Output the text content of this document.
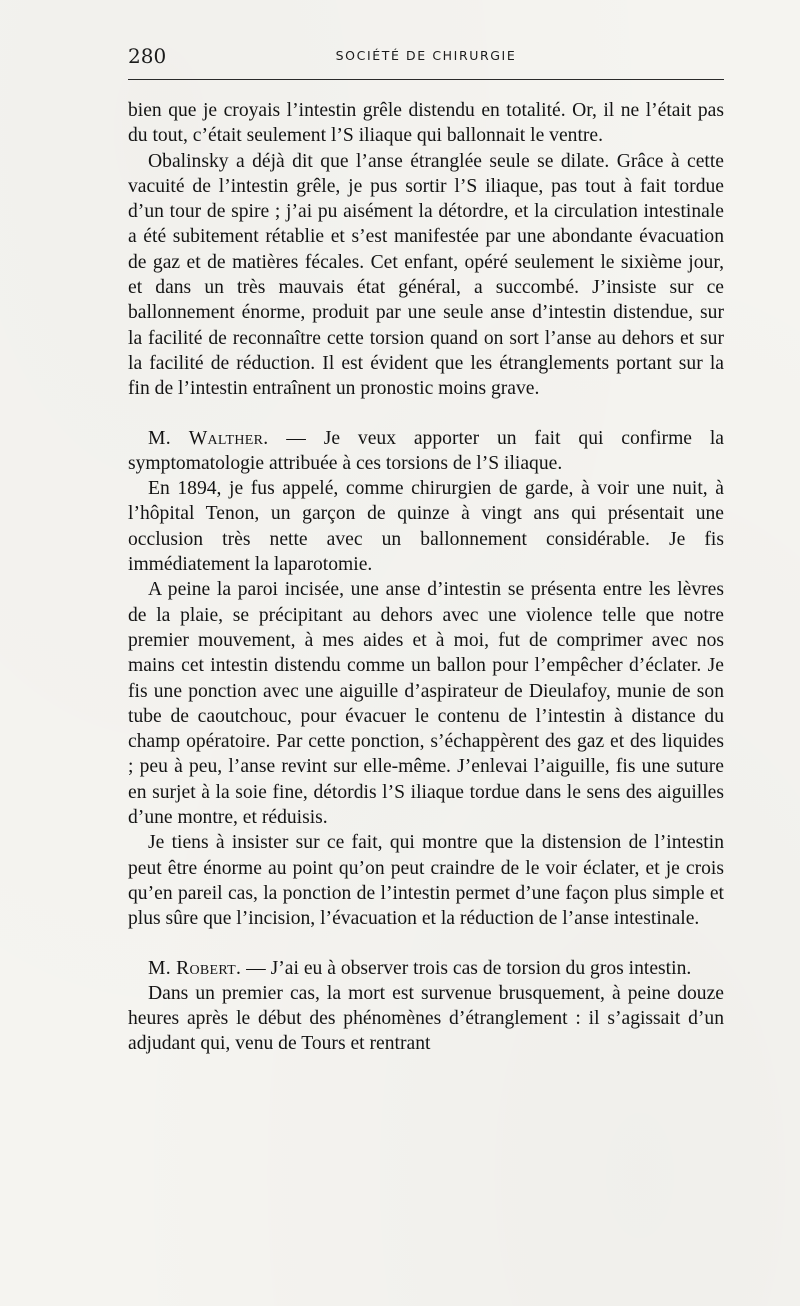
280	SOCIÉTÉ DE CHIRURGIE

bien que je croyais l’intestin grêle distendu en totalité. Or, il ne l’était pas du tout, c’était seulement l’S iliaque qui ballonnait le ventre.

Obalinsky a déjà dit que l’anse étranglée seule se dilate. Grâce à cette vacuité de l’intestin grêle, je pus sortir l’S iliaque, pas tout à fait tordue d’un tour de spire ; j’ai pu aisément la détordre, et la circulation intestinale a été subitement rétablie et s’est manifestée par une abondante évacuation de gaz et de matières fécales. Cet enfant, opéré seulement le sixième jour, et dans un très mauvais état général, a succombé. J’insiste sur ce ballonnement énorme, produit par une seule anse d’intestin distendue, sur la facilité de reconnaître cette torsion quand on sort l’anse au dehors et sur la facilité de réduction. Il est évident que les étranglements portant sur la fin de l’intestin entraînent un pronostic moins grave.

M. Walther. — Je veux apporter un fait qui confirme la symptomatologie attribuée à ces torsions de l’S iliaque.

En 1894, je fus appelé, comme chirurgien de garde, à voir une nuit, à l’hôpital Tenon, un garçon de quinze à vingt ans qui présentait une occlusion très nette avec un ballonnement considérable. Je fis immédiatement la laparotomie.

A peine la paroi incisée, une anse d’intestin se présenta entre les lèvres de la plaie, se précipitant au dehors avec une violence telle que notre premier mouvement, à mes aides et à moi, fut de comprimer avec nos mains cet intestin distendu comme un ballon pour l’empêcher d’éclater. Je fis une ponction avec une aiguille d’aspirateur de Dieulafoy, munie de son tube de caoutchouc, pour évacuer le contenu de l’intestin à distance du champ opératoire. Par cette ponction, s’échappèrent des gaz et des liquides ; peu à peu, l’anse revint sur elle-même. J’enlevai l’aiguille, fis une suture en surjet à la soie fine, détordis l’S iliaque tordue dans le sens des aiguilles d’une montre, et réduisis.

Je tiens à insister sur ce fait, qui montre que la distension de l’intestin peut être énorme au point qu’on peut craindre de le voir éclater, et je crois qu’en pareil cas, la ponction de l’intestin permet d’une façon plus simple et plus sûre que l’incision, l’évacuation et la réduction de l’anse intestinale.

M. Robert. — J’ai eu à observer trois cas de torsion du gros intestin.

Dans un premier cas, la mort est survenue brusquement, à peine douze heures après le début des phénomènes d’étranglement : il s’agissait d’un adjudant qui, venu de Tours et rentrant
